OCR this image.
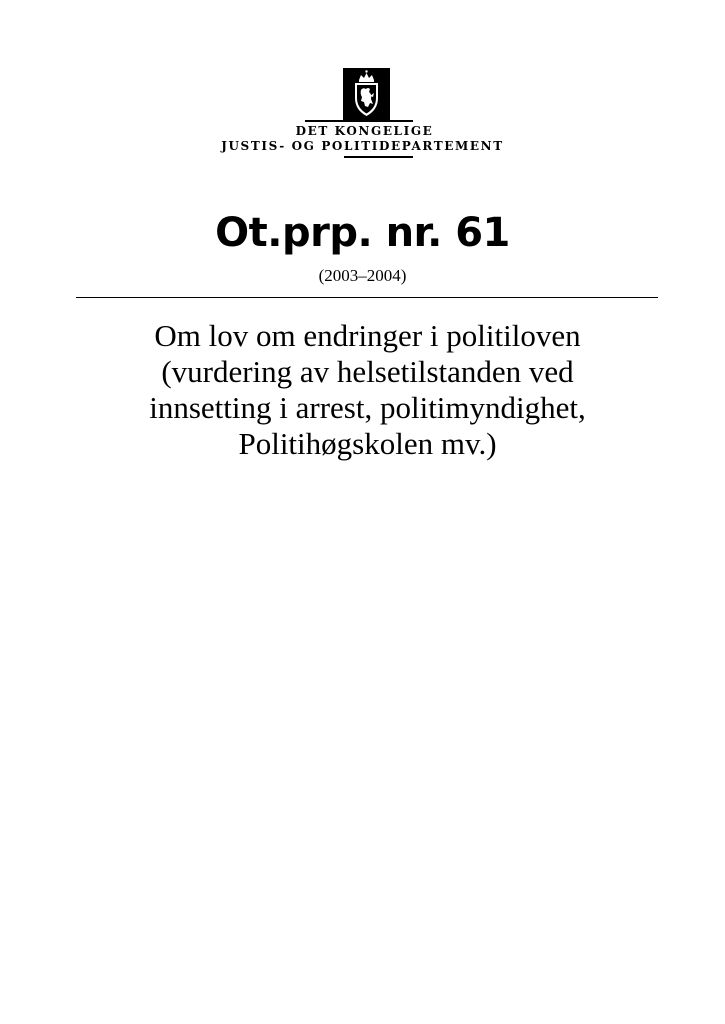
DET KONGELIGE
JUSTIS- OG POLITIDEPARTEMENT
Ot.prp. nr. 61
(2003–2004)
Om lov om endringer i politiloven
(vurdering av helsetilstanden ved
innsetting i arrest, politimyndighet,
Politihøgskolen mv.)
